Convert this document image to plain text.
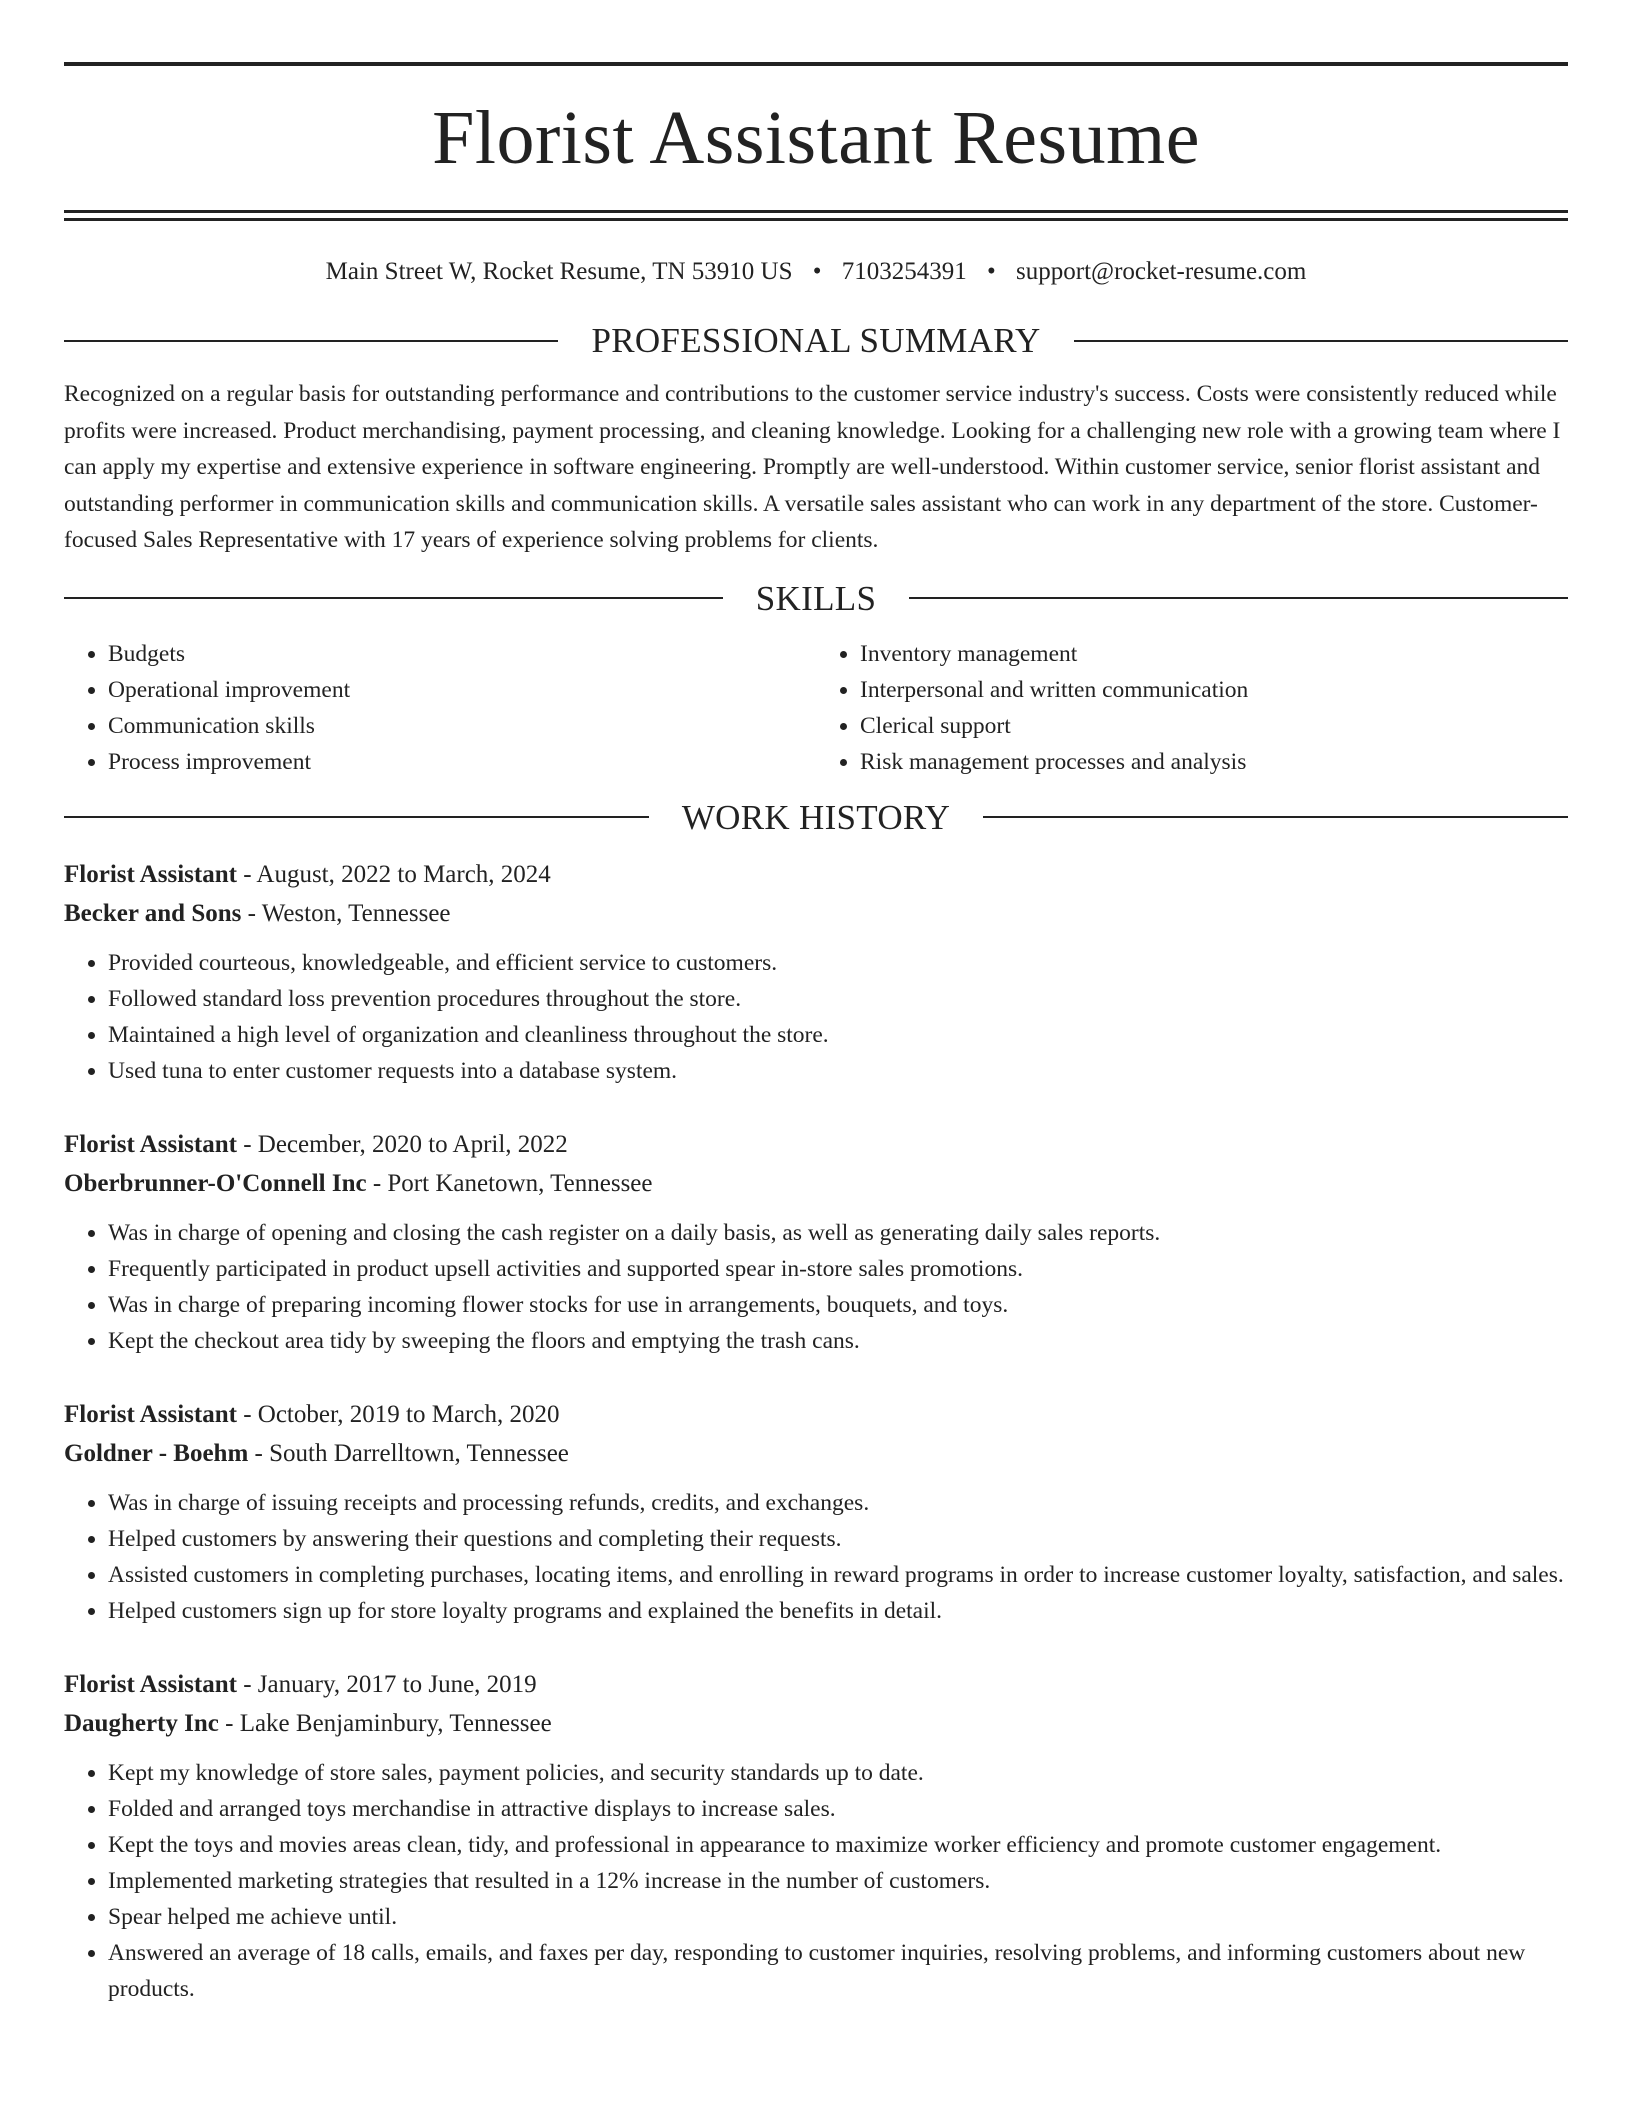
Florist Assistant Resume
Main Street W, Rocket Resume, TN 53910 US • 7103254391 • support@rocket-resume.com
PROFESSIONAL SUMMARY

Recognized on a regular basis for outstanding performance and contributions to the customer service industry's success. Costs were consistently reduced while profits were increased. Product merchandising, payment processing, and cleaning knowledge. Looking for a challenging new role with a growing team where I can apply my expertise and extensive experience in software engineering. Promptly are well-understood. Within customer service, senior florist assistant and outstanding performer in communication skills and communication skills. A versatile sales assistant who can work in any department of the store. Customer-focused Sales Representative with 17 years of experience solving problems for clients.

SKILLS
• Budgets
• Operational improvement
• Communication skills
• Process improvement
• Inventory management
• Interpersonal and written communication
• Clerical support
• Risk management processes and analysis
WORK HISTORY
Florist Assistant - August, 2022 to March, 2024
Becker and Sons - Weston, Tennessee
• Provided courteous, knowledgeable, and efficient service to customers.
• Followed standard loss prevention procedures throughout the store.
• Maintained a high level of organization and cleanliness throughout the store.
• Used tuna to enter customer requests into a database system.
Florist Assistant - December, 2020 to April, 2022
Oberbrunner-O'Connell Inc - Port Kanetown, Tennessee
• Was in charge of opening and closing the cash register on a daily basis, as well as generating daily sales reports.
• Frequently participated in product upsell activities and supported spear in-store sales promotions.
• Was in charge of preparing incoming flower stocks for use in arrangements, bouquets, and toys.
• Kept the checkout area tidy by sweeping the floors and emptying the trash cans.
Florist Assistant - October, 2019 to March, 2020
Goldner - Boehm - South Darrelltown, Tennessee
• Was in charge of issuing receipts and processing refunds, credits, and exchanges.
• Helped customers by answering their questions and completing their requests.
• Assisted customers in completing purchases, locating items, and enrolling in reward programs in order to increase customer loyalty, satisfaction, and sales.
• Helped customers sign up for store loyalty programs and explained the benefits in detail.
Florist Assistant - January, 2017 to June, 2019
Daugherty Inc - Lake Benjaminbury, Tennessee
• Kept my knowledge of store sales, payment policies, and security standards up to date.
• Folded and arranged toys merchandise in attractive displays to increase sales.
• Kept the toys and movies areas clean, tidy, and professional in appearance to maximize worker efficiency and promote customer engagement.
• Implemented marketing strategies that resulted in a 12% increase in the number of customers.
• Spear helped me achieve until.
• Answered an average of 18 calls, emails, and faxes per day, responding to customer inquiries, resolving problems, and informing customers about new products.
